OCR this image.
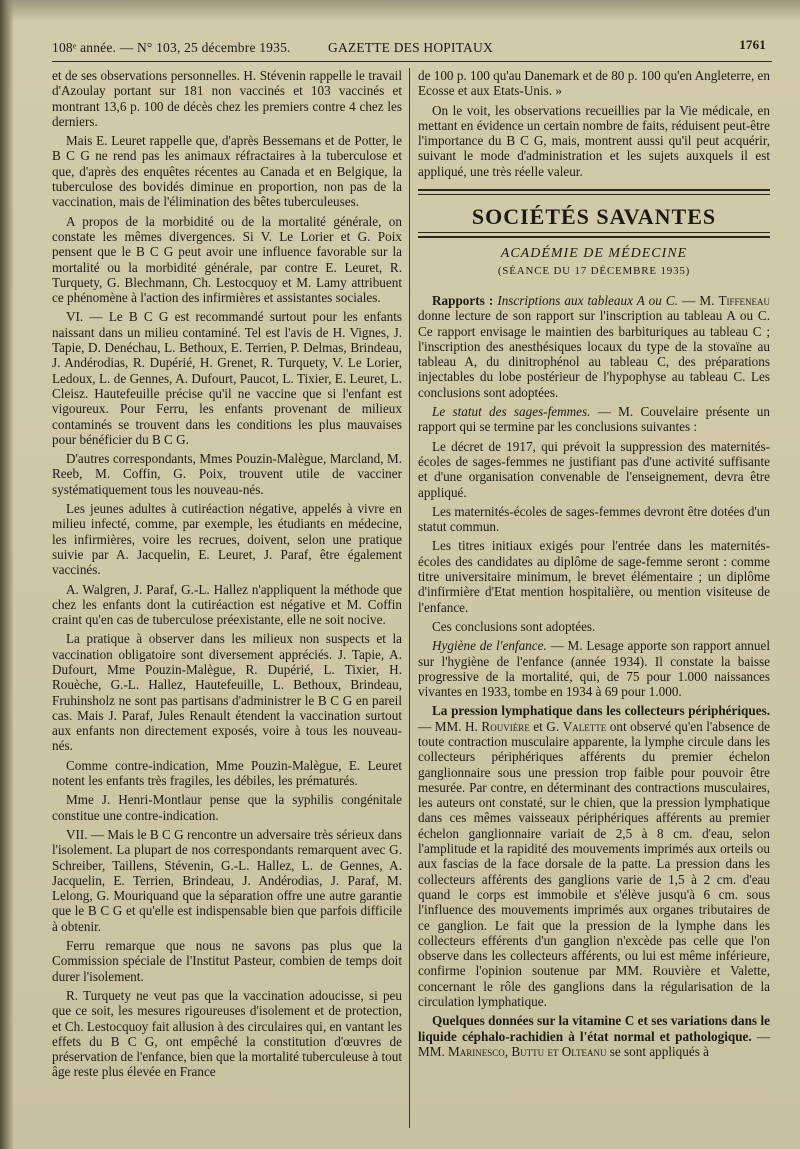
108ᵉ année. — N° 103, 25 décembre 1935.	GAZETTE DES HOPITAUX	1761

et de ses observations personnelles. H. Stévenin rappelle le travail d'Azoulay portant sur 181 non vaccinés et 103 vaccinés et montrant 13,6 p. 100 de décès chez les premiers contre 4 chez les derniers.

Mais E. Leuret rappelle que, d'après Bessemans et de Potter, le B C G ne rend pas les animaux réfractaires à la tuberculose et que, d'après des enquêtes récentes au Canada et en Belgique, la tuberculose des bovidés diminue en proportion, non pas de la vaccination, mais de l'élimination des bêtes tuberculeuses.

A propos de la morbidité ou de la mortalité générale, on constate les mêmes divergences. Si V. Le Lorier et G. Poix pensent que le B C G peut avoir une influence favorable sur la mortalité ou la morbidité générale, par contre E. Leuret, R. Turquety, G. Blechmann, Ch. Lestocquoy et M. Lamy attribuent ce phénomène à l'action des infirmières et assistantes sociales.

VI. — Le B C G est recommandé surtout pour les enfants naissant dans un milieu contaminé. Tel est l'avis de H. Vignes, J. Tapie, D. Denéchau, L. Bethoux, E. Terrien, P. Delmas, Brindeau, J. Andérodias, R. Dupérié, H. Grenet, R. Turquety, V. Le Lorier, Ledoux, L. de Gennes, A. Dufourt, Paucot, L. Tixier, E. Leuret, L. Cleisz. Hautefeuille précise qu'il ne vaccine que si l'enfant est vigoureux. Pour Ferru, les enfants provenant de milieux contaminés se trouvent dans les conditions les plus mauvaises pour bénéficier du B C G.

D'autres correspondants, Mmes Pouzin-Malègue, Marcland, M. Reeb, M. Coffin, G. Poix, trouvent utile de vacciner systématiquement tous les nouveau-nés.

Les jeunes adultes à cutiréaction négative, appelés à vivre en milieu infecté, comme, par exemple, les étudiants en médecine, les infirmières, voire les recrues, doivent, selon une pratique suivie par A. Jacquelin, E. Leuret, J. Paraf, être également vaccinés.

A. Walgren, J. Paraf, G.-L. Hallez n'appliquent la méthode que chez les enfants dont la cutiréaction est négative et M. Coffin craint qu'en cas de tuberculose préexistante, elle ne soit nocive.

La pratique à observer dans les milieux non suspects et la vaccination obligatoire sont diversement appréciés. J. Tapie, A. Dufourt, Mme Pouzin-Malègue, R. Dupérié, L. Tixier, H. Rouèche, G.-L. Hallez, Hautefeuille, L. Bethoux, Brindeau, Fruhinsholz ne sont pas partisans d'administrer le B C G en pareil cas. Mais J. Paraf, Jules Renault étendent la vaccination surtout aux enfants non directement exposés, voire à tous les nouveau-nés.

Comme contre-indication, Mme Pouzin-Malègue, E. Leuret notent les enfants très fragiles, les débiles, les prématurés.

Mme J. Henri-Montlaur pense que la syphilis congénitale constitue une contre-indication.

VII. — Mais le B C G rencontre un adversaire très sérieux dans l'isolement. La plupart de nos correspondants remarquent avec G. Schreiber, Taillens, Stévenin, G.-L. Hallez, L. de Gennes, A. Jacquelin, E. Terrien, Brindeau, J. Andérodias, J. Paraf, M. Lelong, G. Mouriquand que la séparation offre une autre garantie que le B C G et qu'elle est indispensable bien que parfois difficile à obtenir.

Ferru remarque que nous ne savons pas plus que la Commission spéciale de l'Institut Pasteur, combien de temps doit durer l'isolement.

R. Turquety ne veut pas que la vaccination adoucisse, si peu que ce soit, les mesures rigoureuses d'isolement et de protection, et Ch. Lestocquoy fait allusion à des circulaires qui, en vantant les effets du B C G, ont empêché la constitution d'œuvres de préservation de l'enfance, bien que la mortalité tuberculeuse à tout âge reste plus élevée en France

de 100 p. 100 qu'au Danemark et de 80 p. 100 qu'en Angleterre, en Ecosse et aux Etats-Unis. »

On le voit, les observations recueillies par la Vie médicale, en mettant en évidence un certain nombre de faits, réduisent peut-être l'importance du B C G, mais, montrent aussi qu'il peut acquérir, suivant le mode d'administration et les sujets auxquels il est appliqué, une très réelle valeur.

SOCIÉTÉS SAVANTES
ACADÉMIE DE MÉDECINE
(SÉANCE DU 17 DÉCEMBRE 1935)

Rapports : Inscriptions aux tableaux A ou C. — M. Tiffeneau donne lecture de son rapport sur l'inscription au tableau A ou C. Ce rapport envisage le maintien des barbituriques au tableau C ; l'inscription des anesthésiques locaux du type de la stovaïne au tableau A, du dinitrophénol au tableau C, des préparations injectables du lobe postérieur de l'hypophyse au tableau C. Les conclusions sont adoptées.

Le statut des sages-femmes. — M. Couvelaire présente un rapport qui se termine par les conclusions suivantes :

Le décret de 1917, qui prévoit la suppression des maternités-écoles de sages-femmes ne justifiant pas d'une activité suffisante et d'une organisation convenable de l'enseignement, devra être appliqué.

Les maternités-écoles de sages-femmes devront être dotées d'un statut commun.

Les titres initiaux exigés pour l'entrée dans les maternités-écoles des candidates au diplôme de sage-femme seront : comme titre universitaire minimum, le brevet élémentaire ; un diplôme d'infirmière d'Etat mention hospitalière, ou mention visiteuse de l'enfance.

Ces conclusions sont adoptées.

Hygiène de l'enfance. — M. Lesage apporte son rapport annuel sur l'hygiène de l'enfance (année 1934). Il constate la baisse progressive de la mortalité, qui, de 75 pour 1.000 naissances vivantes en 1933, tombe en 1934 à 69 pour 1.000.

La pression lymphatique dans les collecteurs périphériques. — MM. H. Rouvière et G. Valette ont observé qu'en l'absence de toute contraction musculaire apparente, la lymphe circule dans les collecteurs périphériques afférents du premier échelon ganglionnaire sous une pression trop faible pour pouvoir être mesurée. Par contre, en déterminant des contractions musculaires, les auteurs ont constaté, sur le chien, que la pression lymphatique dans ces mêmes vaisseaux périphériques afférents au premier échelon ganglionnaire variait de 2,5 à 8 cm. d'eau, selon l'amplitude et la rapidité des mouvements imprimés aux orteils ou aux fascias de la face dorsale de la patte. La pression dans les collecteurs afférents des ganglions varie de 1,5 à 2 cm. d'eau quand le corps est immobile et s'élève jusqu'à 6 cm. sous l'influence des mouvements imprimés aux organes tributaires de ce ganglion. Le fait que la pression de la lymphe dans les collecteurs efférents d'un ganglion n'excède pas celle que l'on observe dans les collecteurs afférents, ou lui est même inférieure, confirme l'opinion soutenue par MM. Rouvière et Valette, concernant le rôle des ganglions dans la régularisation de la circulation lymphatique.

Quelques données sur la vitamine C et ses variations dans le liquide céphalo-rachidien à l'état normal et pathologique. — MM. Marinesco, Buttu et Olteanu se sont appliqués à
